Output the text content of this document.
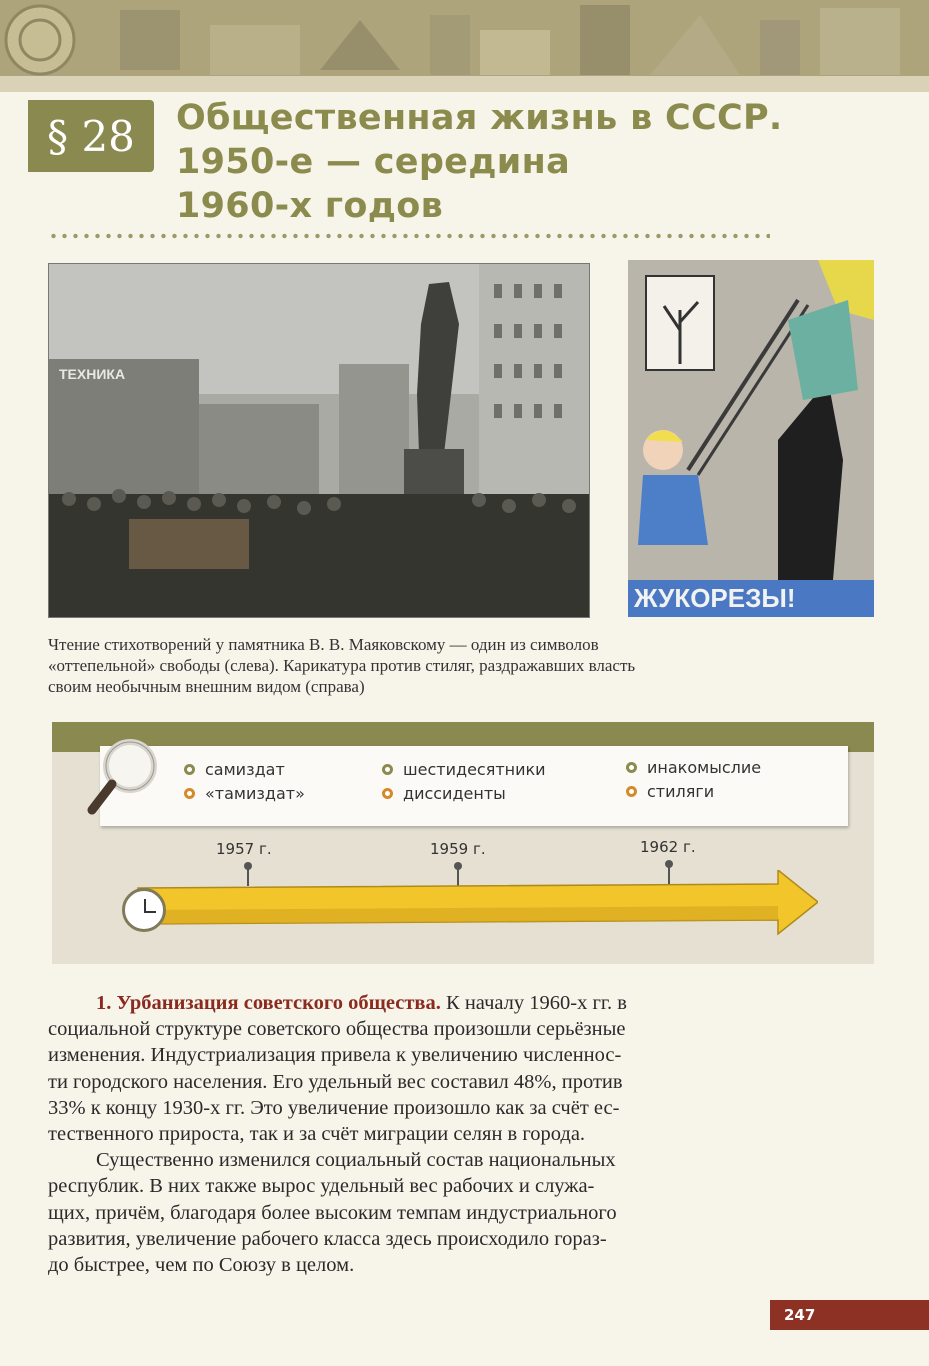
§ 28	Общественная жизнь в СССР.
1950-е — середина
1960-х годов
ТЕХНИКА
ЖУКОРЕЗЫ!
Чтение стихотворений у памятника В. В. Маяковскому — один из символов
«оттепельной» свободы (слева). Карикатура против стиляг, раздражавших власть
своим необычным внешним видом (справа)
самиздат
«тамиздат»
шестидесятники
диссиденты
инакомыслие
стиляги
1957 г.	1959 г.	1962 г.
1. Урбанизация советского общества. К началу 1960-х гг. в
социальной структуре советского общества произошли серьёзные
изменения. Индустриализация привела к увеличению численнос-
ти городского населения. Его удельный вес составил 48%, против
33% к концу 1930-х гг. Это увеличение произошло как за счёт ес-
тественного прироста, так и за счёт миграции селян в города.
Существенно изменился социальный состав национальных
республик. В них также вырос удельный вес рабочих и служа-
щих, причём, благодаря более высоким темпам индустриального
развития, увеличение рабочего класса здесь происходило гораз-
до быстрее, чем по Союзу в целом.
247
